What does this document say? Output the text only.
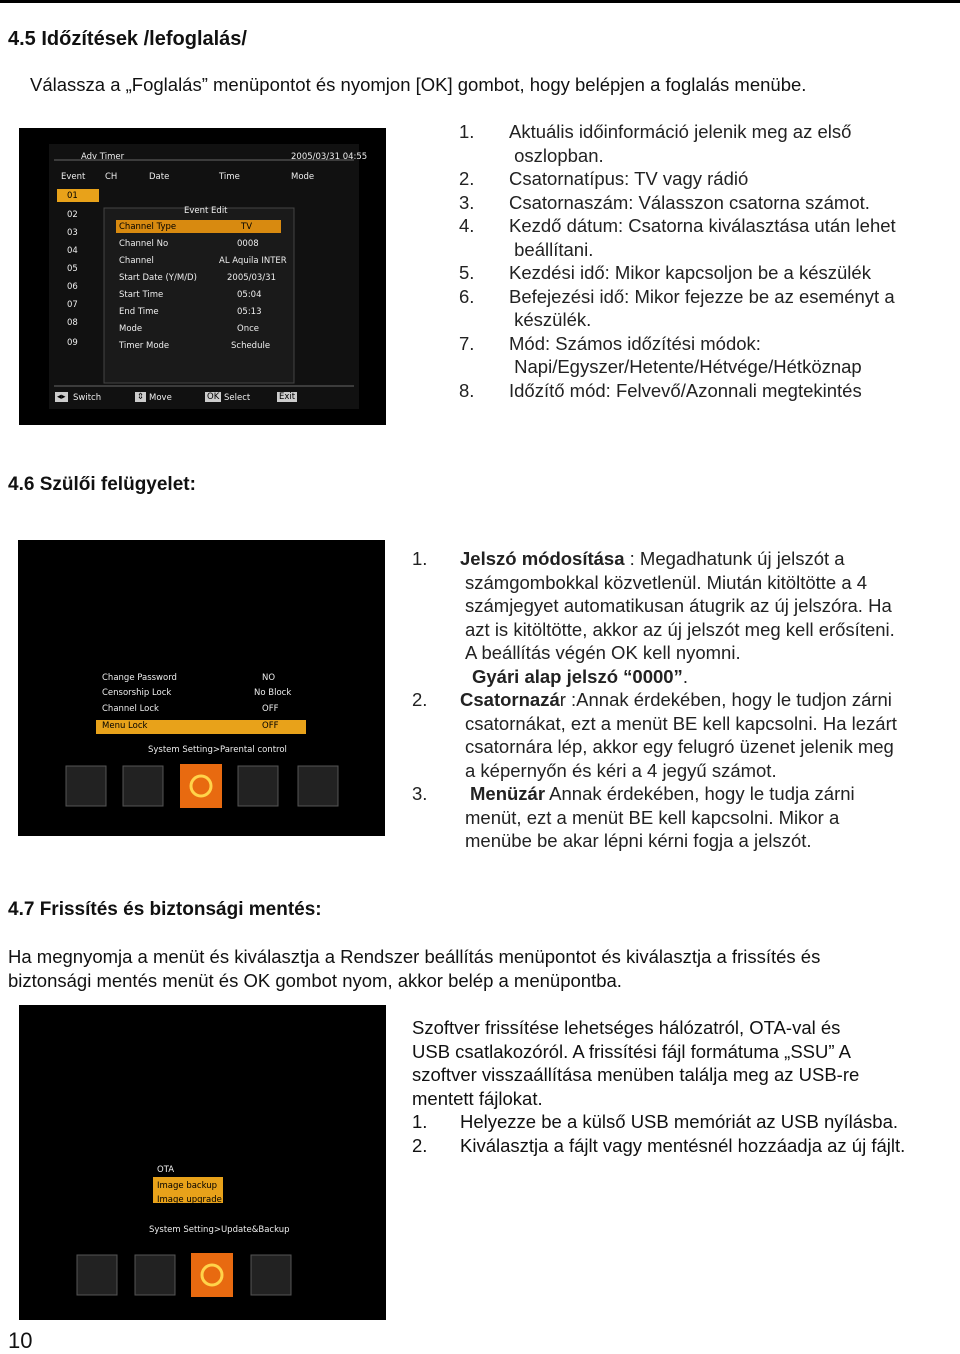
4.5 Időzítések /lefoglalás/
Válassza a „Foglalás” menüpontot és nyomjon [OK] gombot, hogy belépjen a foglalás menübe.
Adv Timer	2005/03/31 04:55
Event CH	Date	Time	Mode
01
02
03
04
05
06
07
08
09
Event Edit
Channel Type	TV
Channel No	0008
Channel	AL Aquila INTER
Start Date (Y/M/D)	2005/03/31
Start Time	05:04
End Time	05:13
Mode	Once
Timer Mode	Schedule
◂▸ Switch	⇕ Move	OK Select	Exit
1. Aktuális időinformáció jelenik meg az első
oszlopban.
2.	Csatornatípus: TV vagy rádió
3.	Csatornaszám: Válasszon csatorna számot.
4. Kezdő dátum: Csatorna kiválasztása után lehet
beállítani.
5.	Kezdési idő: Mikor kapcsoljon be a készülék
6. Befejezési idő: Mikor fejezze be az eseményt a
készülék.
7. Mód: Számos időzítési módok:
Napi/Egyszer/Hetente/Hétvége/Hétköznap
8.	Időzítő mód: Felvevő/Azonnali megtekintés
4.6 Szülői felügyelet:
Change Password	NO
Censorship Lock	No Block
Channel Lock	OFF
Menu Lock	OFF
System Setting>Parental control
1.	Jelszó módosítása : Megadhatunk új jelszót a
számgombokkal közvetlenül. Miután kitöltötte a 4
számjegyet automatikusan átugrik az új jelszóra. Ha
azt is kitöltötte, akkor az új jelszót meg kell erősíteni.
A beállítás végén OK kell nyomni.
Gyári alap jelszó “0000”.
2.	Csatornazár :Annak érdekében, hogy le tudjon zárni
csatornákat, ezt a menüt BE kell kapcsolni. Ha lezárt
csatornára lép, akkor egy felugró üzenet jelenik meg
a képernyőn és kéri a 4 jegyű számot.
3.	Menüzár Annak érdekében, hogy le tudja zárni
menüt, ezt a menüt BE kell kapcsolni. Mikor a
menübe be akar lépni kérni fogja a jelszót.
4.7 Frissítés és biztonsági mentés:
Ha megnyomja a menüt és kiválasztja a Rendszer beállítás menüpontot és kiválasztja a frissítés és
biztonsági mentés menüt és OK gombot nyom, akkor belép a menüpontba.
OTA
Image backup
Image upgrade
System Setting>Update&Backup
Szoftver frissítése lehetséges hálózatról, OTA-val és
USB csatlakozóról. A frissítési fájl formátuma „SSU” A
szoftver visszaállítása menüben találja meg az USB-re
mentett fájlokat.
1.	Helyezze be a külső USB memóriát az USB nyílásba.
2.	Kiválasztja a fájlt vagy mentésnél hozzáadja az új fájlt.
10
